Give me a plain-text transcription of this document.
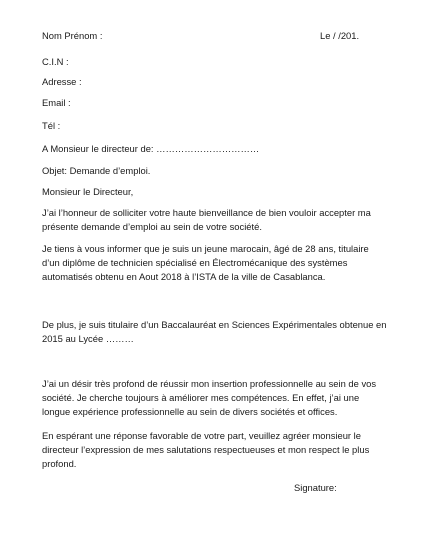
Nom Prénom :	Le / /201.
C.I.N :
Adresse :
Email :
Tél :
A Monsieur le directeur de: ……………………………
Objet: Demande d’emploi.
Monsieur le Directeur,
J’ai l’honneur de solliciter votre haute bienveillance de bien vouloir accepter ma
présente demande d’emploi au sein de votre société.
Je tiens à vous informer que je suis un jeune marocain, âgé de 28 ans, titulaire
d’un diplôme de technicien spécialisé en Électromécanique des systèmes
automatisés obtenu en Aout 2018 à l’ISTA de la ville de Casablanca.
De plus, je suis titulaire d’un Baccalauréat en Sciences Expérimentales obtenue en
2015 au Lycée ………
J’ai un désir très profond de réussir mon insertion professionnelle au sein de vos
société. Je cherche toujours à améliorer mes compétences. En effet, j’ai une
longue expérience professionnelle au sein de divers sociétés et offices.
En espérant une réponse favorable de votre part, veuillez agréer monsieur le
directeur l’expression de mes salutations respectueuses et mon respect le plus
profond.
Signature:
